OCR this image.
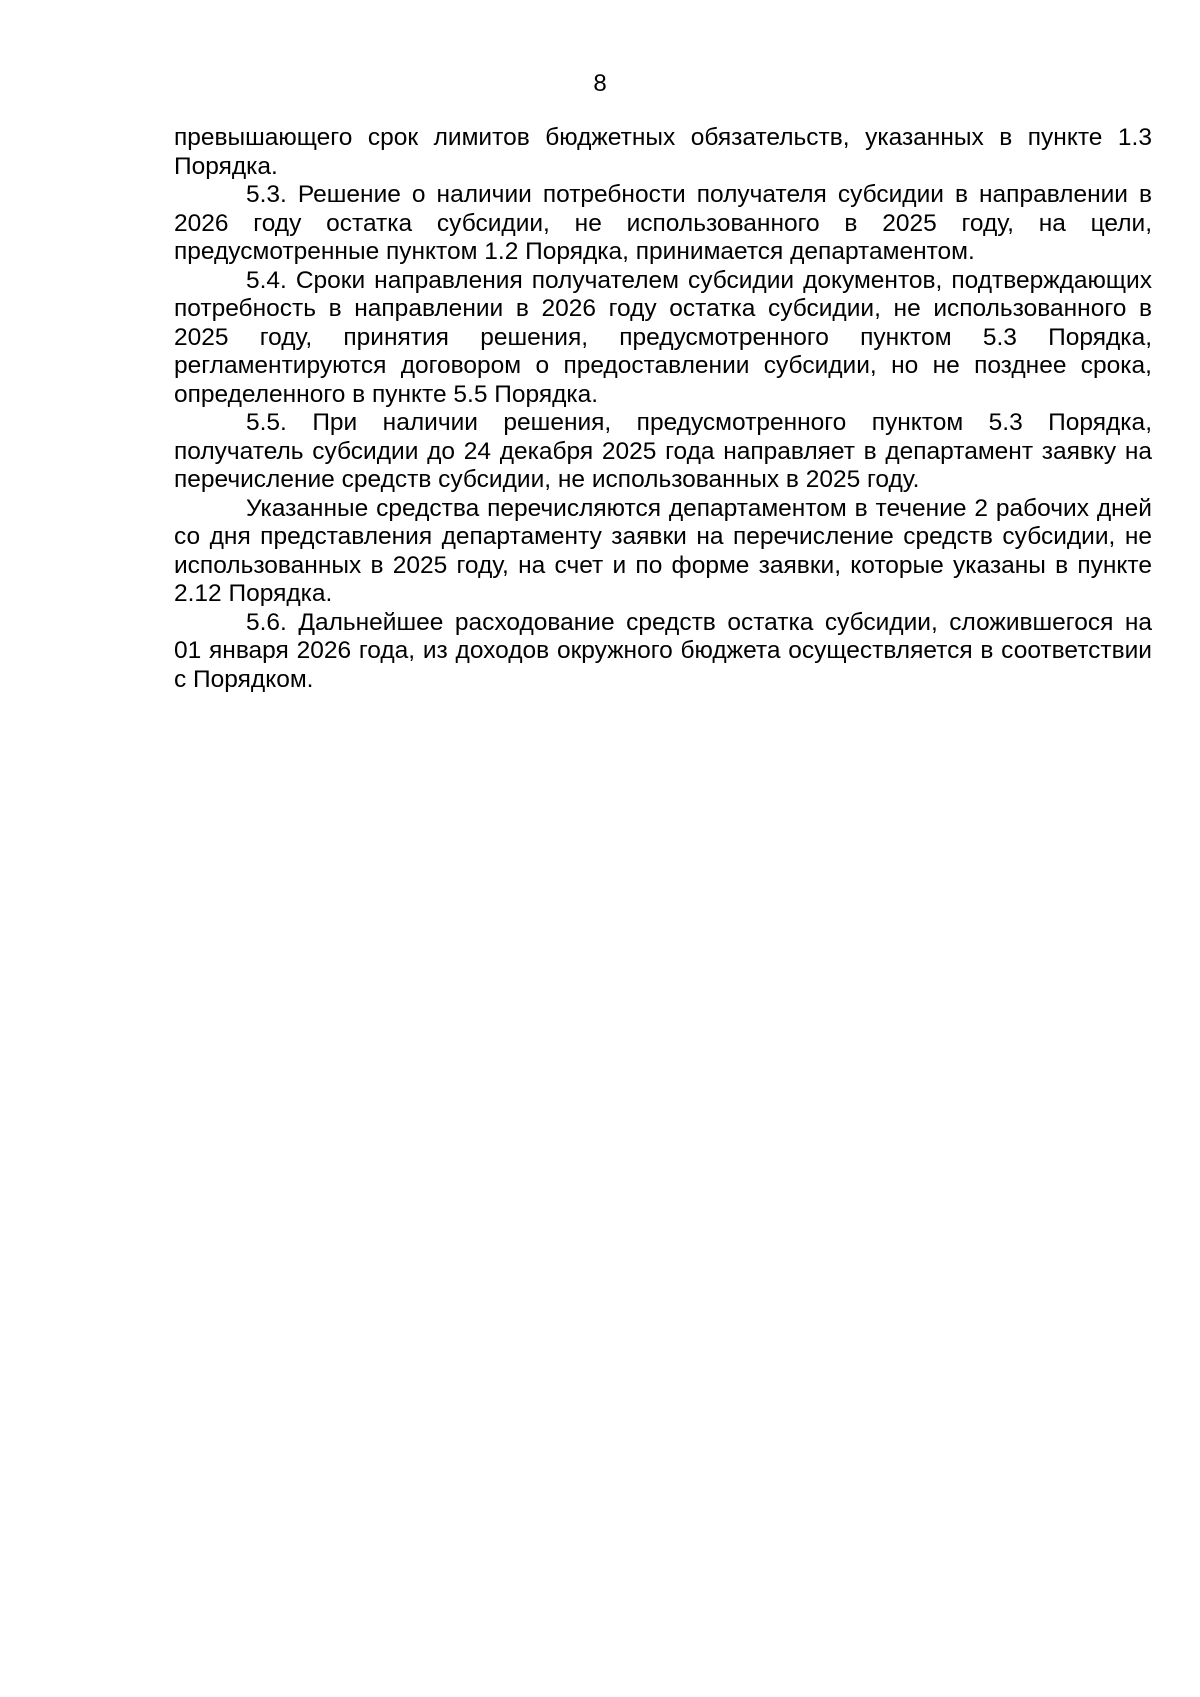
8

превышающего срок лимитов бюджетных обязательств, указанных в пункте 1.3 Порядка.

5.3. Решение о наличии потребности получателя субсидии в направлении в 2026 году остатка субсидии, не использованного в 2025 году, на цели, предусмотренные пунктом 1.2 Порядка, принимается департаментом.

5.4. Сроки направления получателем субсидии документов, подтверждающих потребность в направлении в 2026 году остатка субсидии, не использованного в 2025 году, принятия решения, предусмотренного пунктом 5.3 Порядка, регламентируются договором о предоставлении субсидии, но не позднее срока, определенного в пункте 5.5 Порядка.

5.5. При наличии решения, предусмотренного пунктом 5.3 Порядка, получатель субсидии до 24 декабря 2025 года направляет в департамент заявку на перечисление средств субсидии, не использованных в 2025 году.

Указанные средства перечисляются департаментом в течение 2 рабочих дней со дня представления департаменту заявки на перечисление средств субсидии, не использованных в 2025 году, на счет и по форме заявки, которые указаны в пункте 2.12 Порядка.

5.6. Дальнейшее расходование средств остатка субсидии, сложившегося на 01 января 2026 года, из доходов окружного бюджета осуществляется в соответствии с Порядком.
